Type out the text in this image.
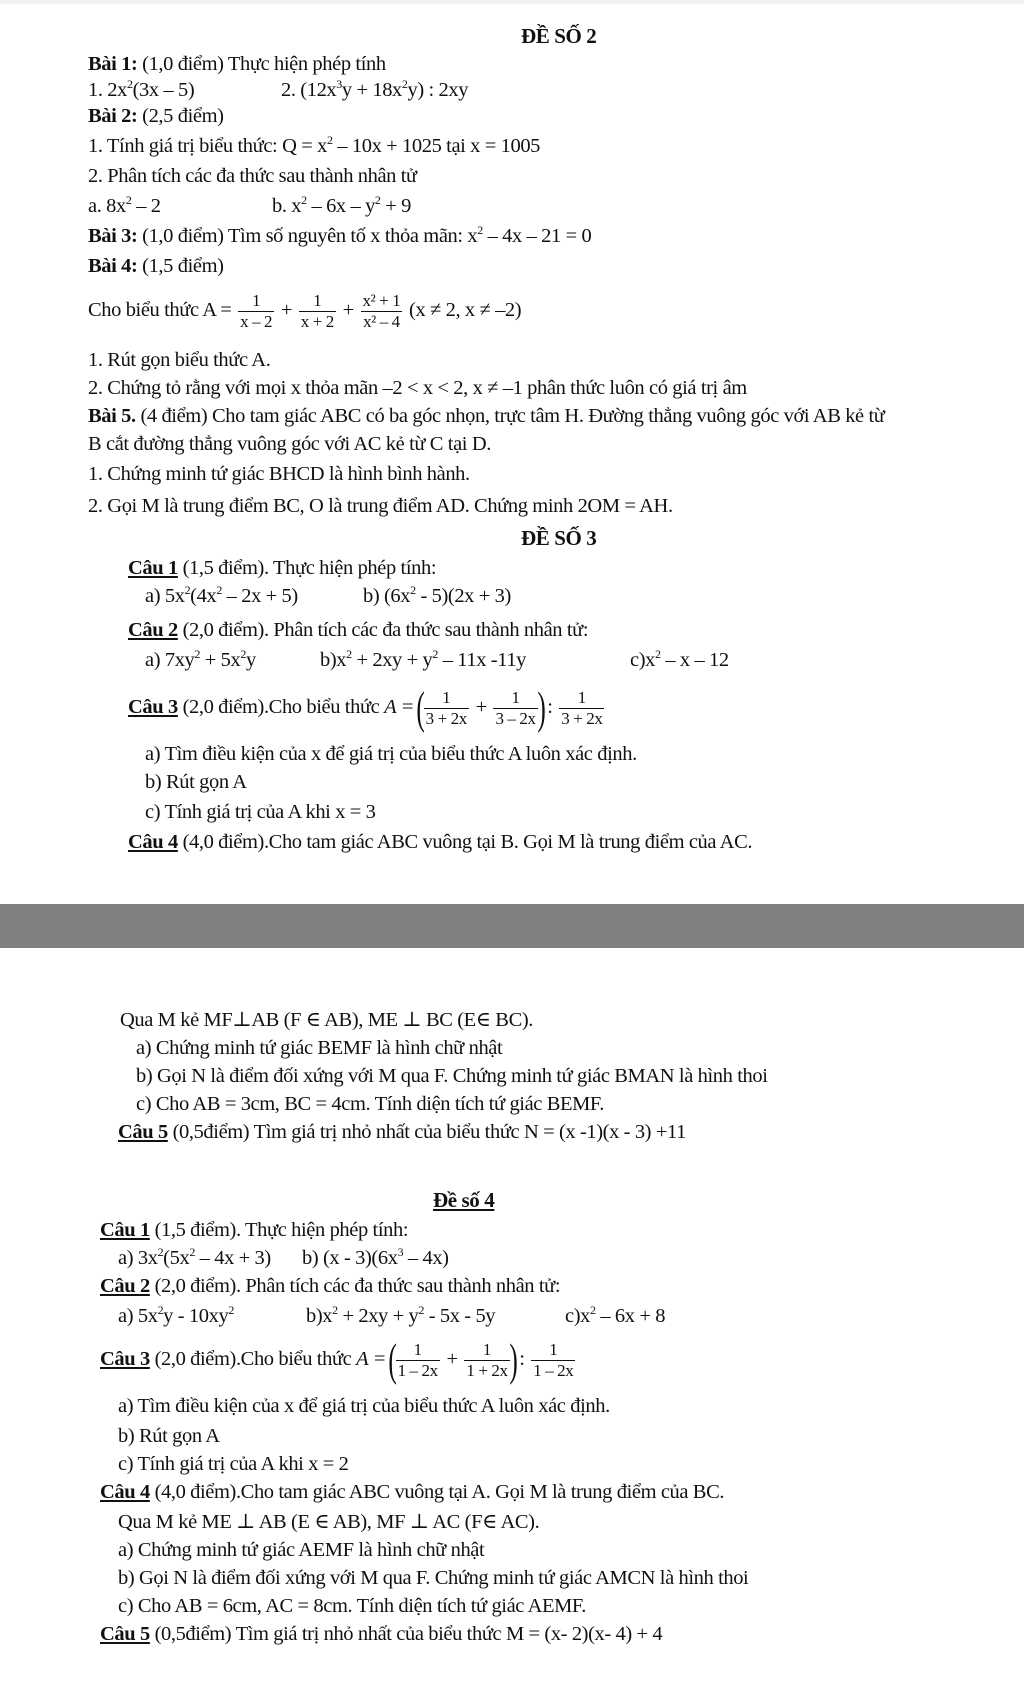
ĐỀ SỐ 2
Bài 1: (1,0 điểm) Thực hiện phép tính
1. $2x^2(3x - 5)$	2. $(12x^3y + 18x^2y)$ : 2xy
Bài 2: (2,5 điểm)
1. Tính giá trị biểu thức: $Q = x^2 - 10x + 1025$ tại x = 1005
2. Phân tích các đa thức sau thành nhân tử
a. $8x^2 - 2$	b. $x^2 - 6x - y^2 + 9$
Bài 3: (1,0 điểm) Tìm số nguyên tố x thỏa mãn: $x^2 - 4x - 21 = 0$
Bài 4: (1,5 điểm)
Cho biểu thức $A = \frac{1}{x - 2} + \frac{1}{x + 2} + \frac{\text{x² + 1}}{\text{x² – 4}} (x \ne 2$, x ≠ –2)
1. Rút gọn biểu thức A.
2. Chứng tỏ rằng với mọi x thỏa mãn –2 < x < 2, x ≠ –1 phân thức luôn có giá trị âm
Bài 5. (4 điểm) Cho tam giác ABC có ba góc nhọn, trực tâm H. Đường thẳng vuông góc với AB kẻ từ
B cắt đường thẳng vuông góc với AC kẻ từ C tại D.
1. Chứng minh tứ giác BHCD là hình bình hành.
2. Gọi M là trung điểm BC, O là trung điểm AD. Chứng minh 2OM = AH.
ĐỀ SỐ 3
Câu 1 (1,5 điểm). Thực hiện phép tính:
a) $5x^2(4x^2 - 2x + 5)$	b) $(6x^2 - 5)(2x + 3)$
Câu 2 (2,0 điểm). Phân tích các đa thức sau thành nhân tử:
a) $7xy^2 + 5x^2y$	$b)x^2 + 2xy + y^2 - 11x$ -11y	$c)x^2$ – x – 12
Câu 3 (2,0 điểm).Cho biểu thức A = ( $\frac{1}{3 + 2x} + \frac{1}{3 - 2x}$ ) : $\frac{1}{3 + 2x}$
a) Tìm điều kiện của x để giá trị của biểu thức A luôn xác định.
b) Rút gọn A
c) Tính giá trị của A khi x = 3
Câu 4 (4,0 điểm).Cho tam giác ABC vuông tại B. Gọi M là trung điểm của AC.
Qua M kẻ MF⊥AB (F ∈ AB), ME ⊥ BC (E∈ BC).
a) Chứng minh tứ giác BEMF là hình chữ nhật
b) Gọi N là điểm đối xứng với M qua F. Chứng minh tứ giác BMAN là hình thoi
c) Cho AB = 3cm, BC = 4cm. Tính diện tích tứ giác BEMF.
Câu 5 (0,5điểm) Tìm giá trị nhỏ nhất của biểu thức N = (x -1)(x - 3) +11
Đề số 4
Câu 1 (1,5 điểm). Thực hiện phép tính:
a) $3x^2(5x^2 - 4x + 3)$ b) $(x - 3)(6x^3 - 4x)$
Câu 2 (2,0 điểm). Phân tích các đa thức sau thành nhân tử:
a) $5x^2y - 10xy^2$	$b)x^2 + 2xy + y^2 - 5x - 5y$	$c)x^2 - 6x + 8$
Câu 3 (2,0 điểm).Cho biểu thức A = ( $\frac{1}{1 - 2x} + \frac{1}{1 + 2x}$ ) : $\frac{1}{1 - 2x}$
a) Tìm điều kiện của x để giá trị của biểu thức A luôn xác định.
b) Rút gọn A
c) Tính giá trị của A khi x = 2
Câu 4 (4,0 điểm).Cho tam giác ABC vuông tại A. Gọi M là trung điểm của BC.
Qua M kẻ ME ⊥ AB (E ∈ AB), MF ⊥ AC (F∈ AC).
a) Chứng minh tứ giác AEMF là hình chữ nhật
b) Gọi N là điểm đối xứng với M qua F. Chứng minh tứ giác AMCN là hình thoi
c) Cho AB = 6cm, AC = 8cm. Tính diện tích tứ giác AEMF.
Câu 5 (0,5điểm) Tìm giá trị nhỏ nhất của biểu thức M = (x- 2)(x- 4) + 4
